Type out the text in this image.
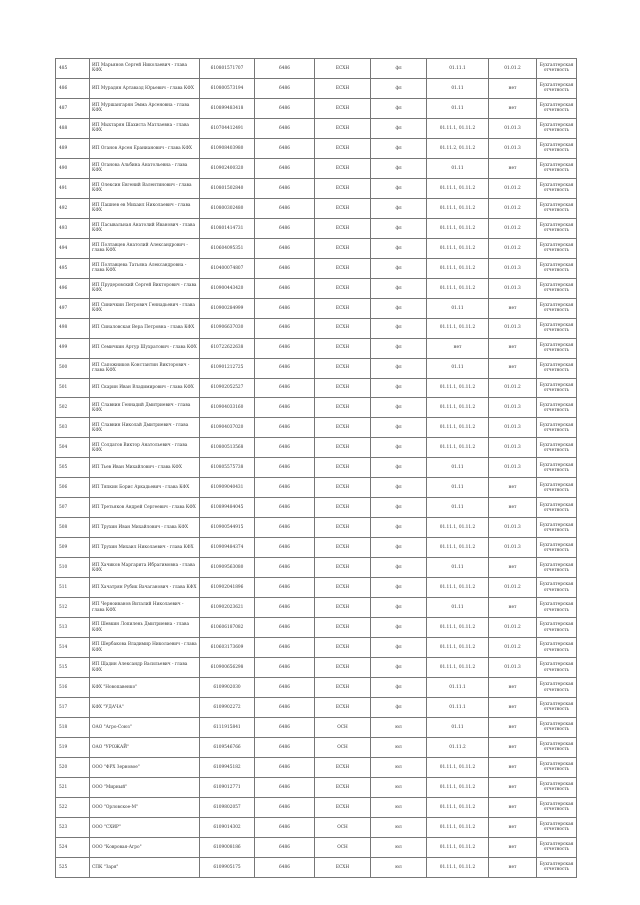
485	ИП Марьянов Сергей Николаевич - глава КФХ	610801571707	6486	ЕСХН	фл	01.11.1	01.01.2	Бухгалтерская отчетность
486	ИП Мурадян Артавазд Юрьевич - глава КФХ	610800573194	6486	ЕСХН	фл	01.11	нет	Бухгалтерская отчетность
487	ИП Муршангарян Эмма Арсеновна - глава КФХ	610899483418	6486	ЕСХН	фл	01.11	нет	Бухгалтерская отчетность
488	ИП Мыхтарян Шахиста Матлаевна - глава КФХ	610704412491	6486	ЕСХН	фл	01.11.1, 01.11.2	01.01.3	Бухгалтерская отчетность
489	ИП Оганов Арсен Еранианович - глава КФХ	610908403980	6486	ЕСХН	фл	01.11.2, 01.11.2	01.01.3	Бухгалтерская отчетность
490	ИП Оганова Альбина Анатольевна - глава КФХ	610902400320	6486	ЕСХН	фл	01.11	нет	Бухгалтерская отчетность
491	ИП Олексин Евгений Валентинович - глава КФХ	610801502840	6486	ЕСХН	фл	01.11.1, 01.11.2	01.01.2	Бухгалтерская отчетность
492	ИП Пашнев ев Михаил Николаевич - глава КФХ	610800302480	6486	ЕСХН	фл	01.11.1, 01.11.2	01.01.2	Бухгалтерская отчетность
493	ИП Пасывальная Анатолий Иванович - глава КФХ	610801414731	6486	ЕСХН	фл	01.11.1, 01.11.2	01.01.2	Бухгалтерская отчетность
494	ИП Полтавцев Анатолий Александрович - глава КФХ	610604095351	6486	ЕСХН	фл	01.11.1, 01.11.2	01.01.2	Бухгалтерская отчетность
495	ИП Полтавцева Татьяна Александровна - глава КФХ	610400074807	6486	ЕСХН	фл	01.11.1, 01.11.2	01.01.3	Бухгалтерская отчетность
496	ИП Прудеровский Сергей Викторович - глава КФХ	610900443420	6486	ЕСХН	фл	01.11.1, 01.11.2	01.01.3	Бухгалтерская отчетность
497	ИП Синичкин Петрович Геннадьевич - глава КФХ	610900284999	6486	ЕСХН	фл	01.11	нет	Бухгалтерская отчетность
498	ИП Синаловская Вера Петровна - глава КФХ	610906637030	6486	ЕСХН	фл	01.11.1, 01.11.2	01.01.3	Бухгалтерская отчетность
499	ИП Семичкин Артур Шухратович - глава КФХ	610722622638	6486	ЕСХН	фл	нет	нет	Бухгалтерская отчетность
500	ИП Сапожников Константин Викторович - глава КФХ	610901212725	6486	ЕСХН	фл	01.11	нет	Бухгалтерская отчетность
501	ИП Скарин Иван Владимирович - глава КФХ	610902052527	6486	ЕСХН	фл	01.11.1, 01.11.2	01.01.2	Бухгалтерская отчетность
502	ИП Славнин Геннадий Дмитриевич - глава КФХ	610904033160	6486	ЕСХН	фл	01.11.1, 01.11.2	01.01.3	Бухгалтерская отчетность
503	ИП Славнин Николай Дмитриевич - глава КФХ	610904037020	6486	ЕСХН	фл	01.11.1, 01.11.2	01.01.3	Бухгалтерская отчетность
504	ИП Солдатов Виктор Анатольевич - глава КФХ	610800513568	6486	ЕСХН	фл	01.11.1, 01.11.2	01.01.3	Бухгалтерская отчетность
505	ИП Тьев Иван Михайлович - глава КФХ	610805575738	6486	ЕСХН	фл	01.11	01.01.3	Бухгалтерская отчетность
506	ИП Тяпкин Борис Аркадьевич - глава КФХ	610909040431	6486	ЕСХН	фл	01.11	нет	Бухгалтерская отчетность
507	ИП Третьяков Андрей Сергеевич - глава КФХ	610899484045	6486	ЕСХН	фл	01.11	нет	Бухгалтерская отчетность
508	ИП Трухин Иван Михайлович - глава КФХ	610900544915	6486	ЕСХН	фл	01.11.1, 01.11.2	01.01.3	Бухгалтерская отчетность
509	ИП Трухин Михаил Николаевич - глава КФХ	610909484374	6486	ЕСХН	фл	01.11.1, 01.11.2	01.01.3	Бухгалтерская отчетность
510	ИП Хачиков Маргарита Ибрагимовна - глава КФХ	610909563080	6486	ЕСХН	фл	01.11	нет	Бухгалтерская отчетность
511	ИП Хачатрян Рубик Вачаганович - глава КФХ	610902041896	6486	ЕСХН	фл	01.11.1, 01.11.2	01.01.2	Бухгалтерская отчетность
512	ИП Черноиванов Виталий Николаевич - глава КФХ	610902023621	6486	ЕСХН	фл	01.11	нет	Бухгалтерская отчетность
513	ИП Шевкин Лопилень Дмитриевна - глава КФХ	610606187082	6486	ЕСХН	фл	01.11.1, 01.11.2	01.01.2	Бухгалтерская отчетность
514	ИП Шербакова Владимир Николаевич - глава КФХ	610603173609	6486	ЕСХН	фл	01.11.1, 01.11.2	01.01.2	Бухгалтерская отчетность
515	ИП Щадин Александр Васильевич - глава КФХ	610900656298	6486	ЕСХН	фл	01.11.1, 01.11.2	01.01.3	Бухгалтерская отчетность
516	КФХ "Новопавенко"	6109902030	6486	ЕСХН	фл	01.11.1	нет	Бухгалтерская отчетность
517	КФХ "УДАЧА"	6109902272	6486	ЕСХН	фл	01.11.1	нет	Бухгалтерская отчетность
518	ОАО "Агро-Союз"	6111915841	6486	ОСН	юл	01.11	нет	Бухгалтерская отчетность
519	ОАО "УРОЖАЙ"	6109546766	6486	ОСН	юл	01.11.2	нет	Бухгалтерская отчетность
520	ООО "ФРХ Зерновое"	6109945182	6486	ЕСХН	юл	01.11.1, 01.11.2	нет	Бухгалтерская отчетность
521	ООО "Мирный"	6109012771	6486	ЕСХН	юл	01.11.1, 01.11.2	нет	Бухгалтерская отчетность
522	ООО "Орловское-М"	6109802057	6486	ЕСХН	юл	01.11.1, 01.11.2	нет	Бухгалтерская отчетность
523	ООО "СХИР"	6109014302	6486	ОСН	юл	01.11.1, 01.11.2	нет	Бухгалтерская отчетность
524	ООО "Ковровая-Агро"	6109008186	6486	ОСН	юл	01.11.1, 01.11.2	нет	Бухгалтерская отчетность
525	СПК "Заря"	6109905175	6486	ЕСХН	юл	01.11.1, 01.11.2	нет	Бухгалтерская отчетность
